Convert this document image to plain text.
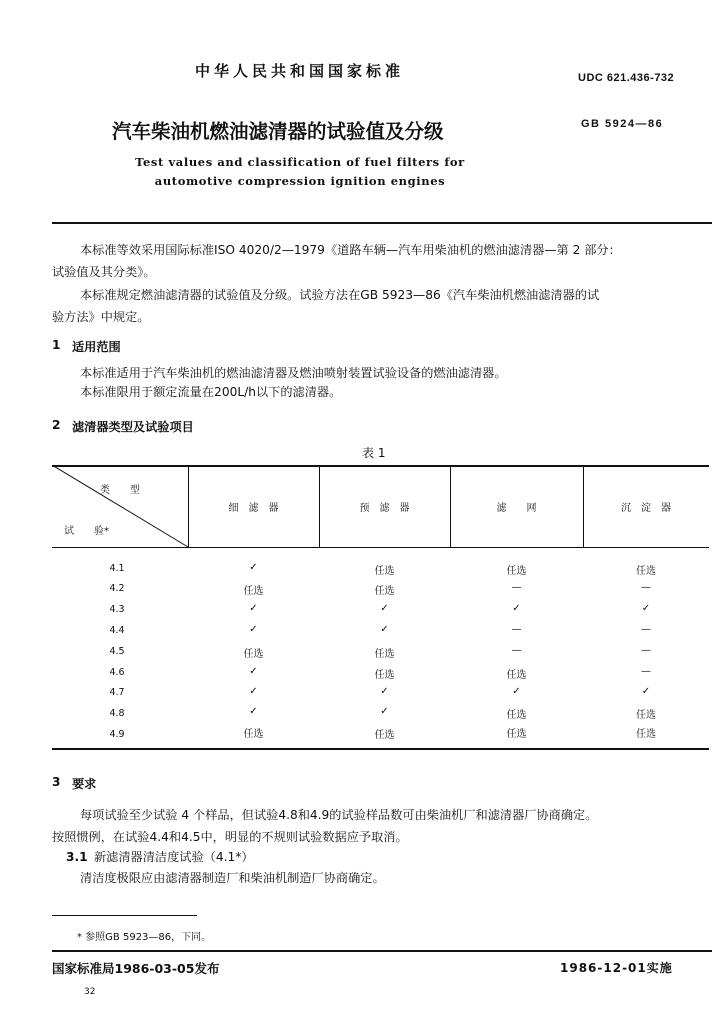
中华人民共和国国家标准	UDC 621.436-732
汽车柴油机燃油滤清器的试验值及分级	GB 5924—86
Test values and classification of fuel filters for
automotive compression ignition engines
本标准等效采用国际标准ISO 4020/2—1979《道路车辆—汽车用柴油机的燃油滤清器—第 2 部分：
试验值及其分类》。
本标准规定燃油滤清器的试验值及分级。试验方法在GB 5923—86《汽车柴油机燃油滤清器的试
验方法》中规定。
1 适用范围
本标准适用于汽车柴油机的燃油滤清器及燃油喷射装置试验设备的燃油滤清器。
本标准限用于额定流量在200L/h以下的滤清器。
2 滤清器类型及试验项目
表 1
类　　型
试　　验*
细　滤　器	预　滤　器	滤　　网	沉　淀　器
4.1	✓	任选	任选	任选
4.2	任选	任选	—	—
4.3	✓	✓	✓	✓
4.4	✓	✓	—	—
4.5	任选	任选	—	—
4.6	✓	任选	任选	—
4.7	✓	✓	✓	✓
4.8	✓	✓	任选	任选
4.9	任选	任选	任选	任选
3 要求
每项试验至少试验 4 个样品，但试验4.8和4.9的试验样品数可由柴油机厂和滤清器厂协商确定。
按照惯例，在试验4.4和4.5中，明显的不规则试验数据应予取消。
3.1 新滤清器清洁度试验（4.1*）
清洁度极限应由滤清器制造厂和柴油机制造厂协商确定。
* 参照GB 5923—86，下同。
国家标准局1986-03-05发布	1986-12-01实施
32
